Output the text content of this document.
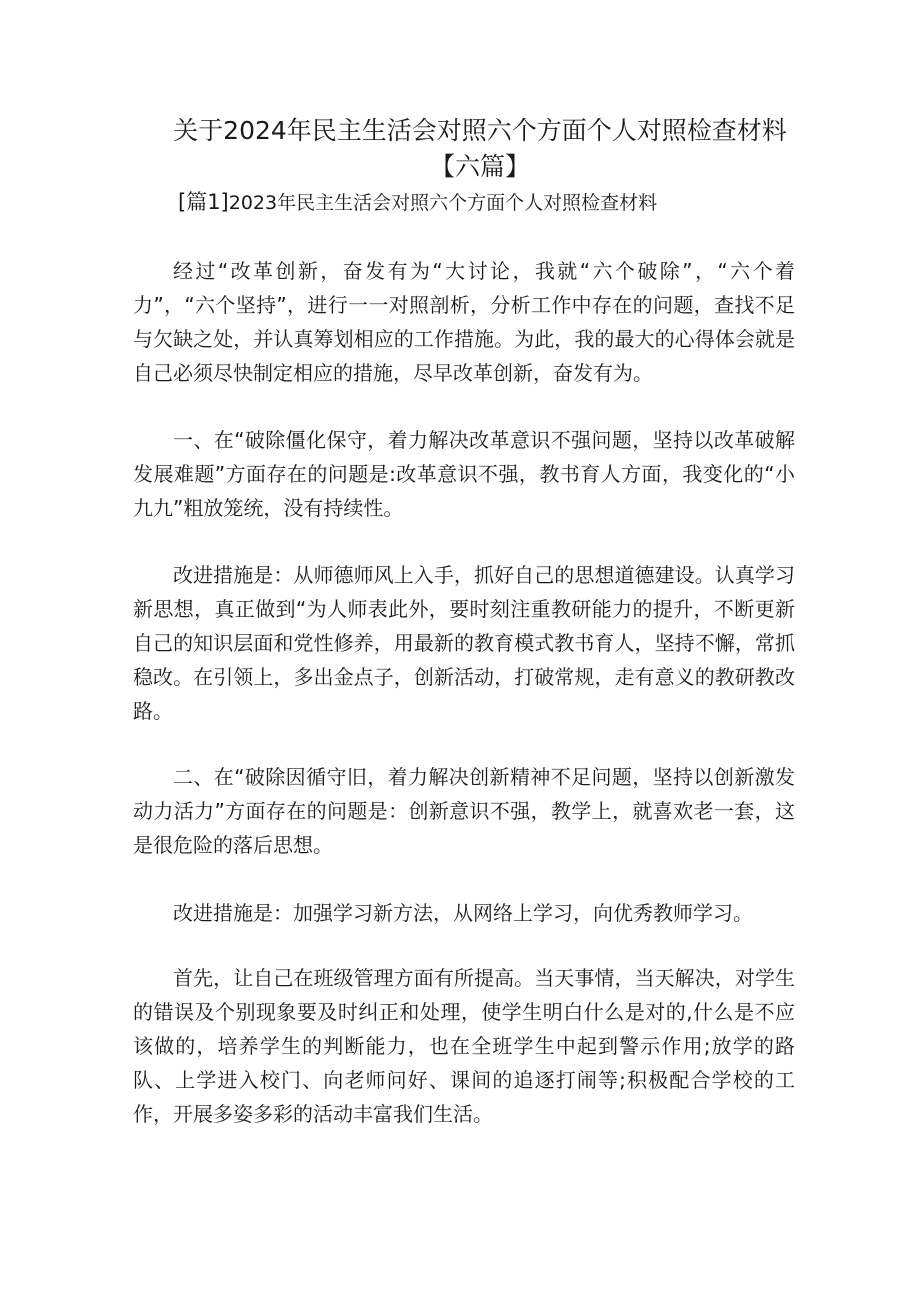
关于2024年民主生活会对照六个方面个人对照检查材料
【六篇】

[篇1]2023年民主生活会对照六个方面个人对照检查材料

经过“改革创新，奋发有为“大讨论，我就“六个破除”，“六个着力”，“六个坚持”，进行一一对照剖析，分析工作中存在的问题，查找不足与欠缺之处，并认真筹划相应的工作措施。为此，我的最大的心得体会就是自己必须尽快制定相应的措施，尽早改革创新，奋发有为。

一、在“破除僵化保守，着力解决改革意识不强问题，坚持以改革破解发展难题”方面存在的问题是:改革意识不强，教书育人方面，我变化的“小九九”粗放笼统，没有持续性。

改进措施是：从师德师风上入手，抓好自己的思想道德建设。认真学习新思想，真正做到“为人师表此外，要时刻注重教研能力的提升，不断更新自己的知识层面和党性修养，用最新的教育模式教书育人，坚持不懈，常抓稳改。在引领上，多出金点子，创新活动，打破常规，走有意义的教研教改路。

二、在“破除因循守旧，着力解决创新精神不足问题，坚持以创新激发动力活力”方面存在的问题是：创新意识不强，教学上，就喜欢老一套，这是很危险的落后思想。

改进措施是：加强学习新方法，从网络上学习，向优秀教师学习。

首先，让自己在班级管理方面有所提高。当天事情，当天解决，对学生的错误及个别现象要及时纠正和处理，使学生明白什么是对的,什么是不应该做的，培养学生的判断能力，也在全班学生中起到警示作用;放学的路队、上学进入校门、向老师问好、课间的追逐打闹等;积极配合学校的工作，开展多姿多彩的活动丰富我们生活。
